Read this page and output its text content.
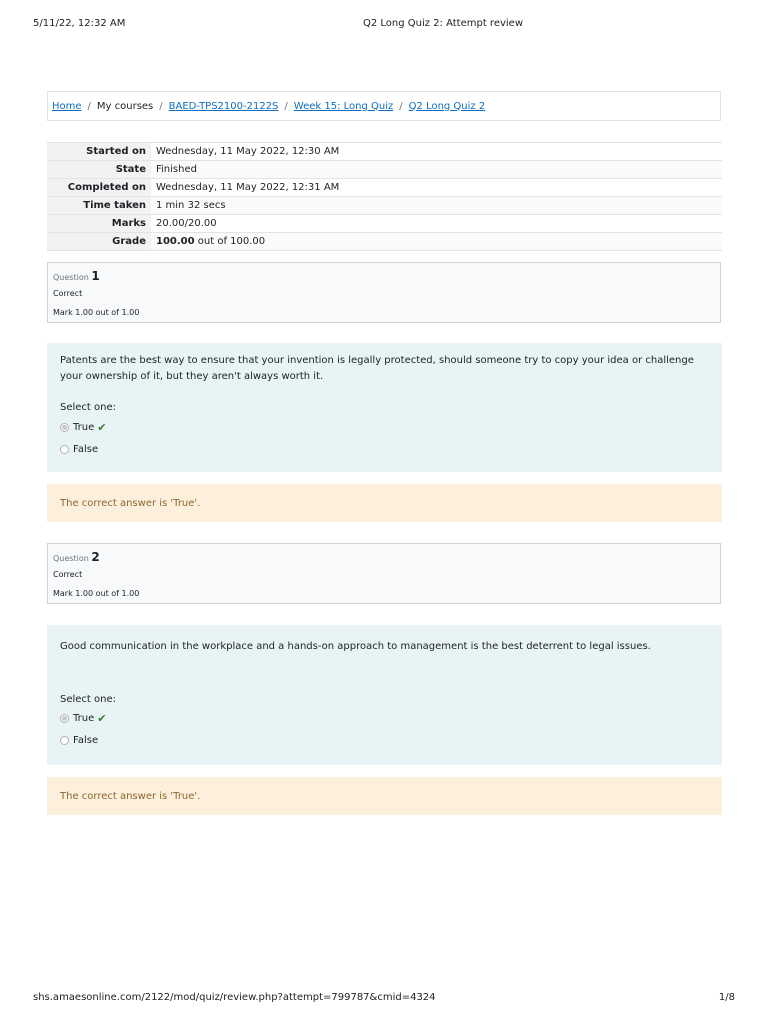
5/11/22, 12:32 AM	Q2 Long Quiz 2: Attempt review
Home / My courses / BAED-TPS2100-2122S / Week 15: Long Quiz / Q2 Long Quiz 2
Started on	Wednesday, 11 May 2022, 12:30 AM
State	Finished
Completed on	Wednesday, 11 May 2022, 12:31 AM
Time taken	1 min 32 secs
Marks	20.00/20.00
Grade	100.00 out of 100.00
Question 1
Correct
Mark 1.00 out of 1.00
Patents are the best way to ensure that your invention is legally protected, should someone try to copy your idea or challenge your ownership of it, but they aren't always worth it.
Select one:
True ✔
False
The correct answer is 'True'.
Question 2
Correct
Mark 1.00 out of 1.00
Good communication in the workplace and a hands-on approach to management is the best deterrent to legal issues.
Select one:
True ✔
False
The correct answer is 'True'.
shs.amaesonline.com/2122/mod/quiz/review.php?attempt=799787&cmid=4324	1/8
